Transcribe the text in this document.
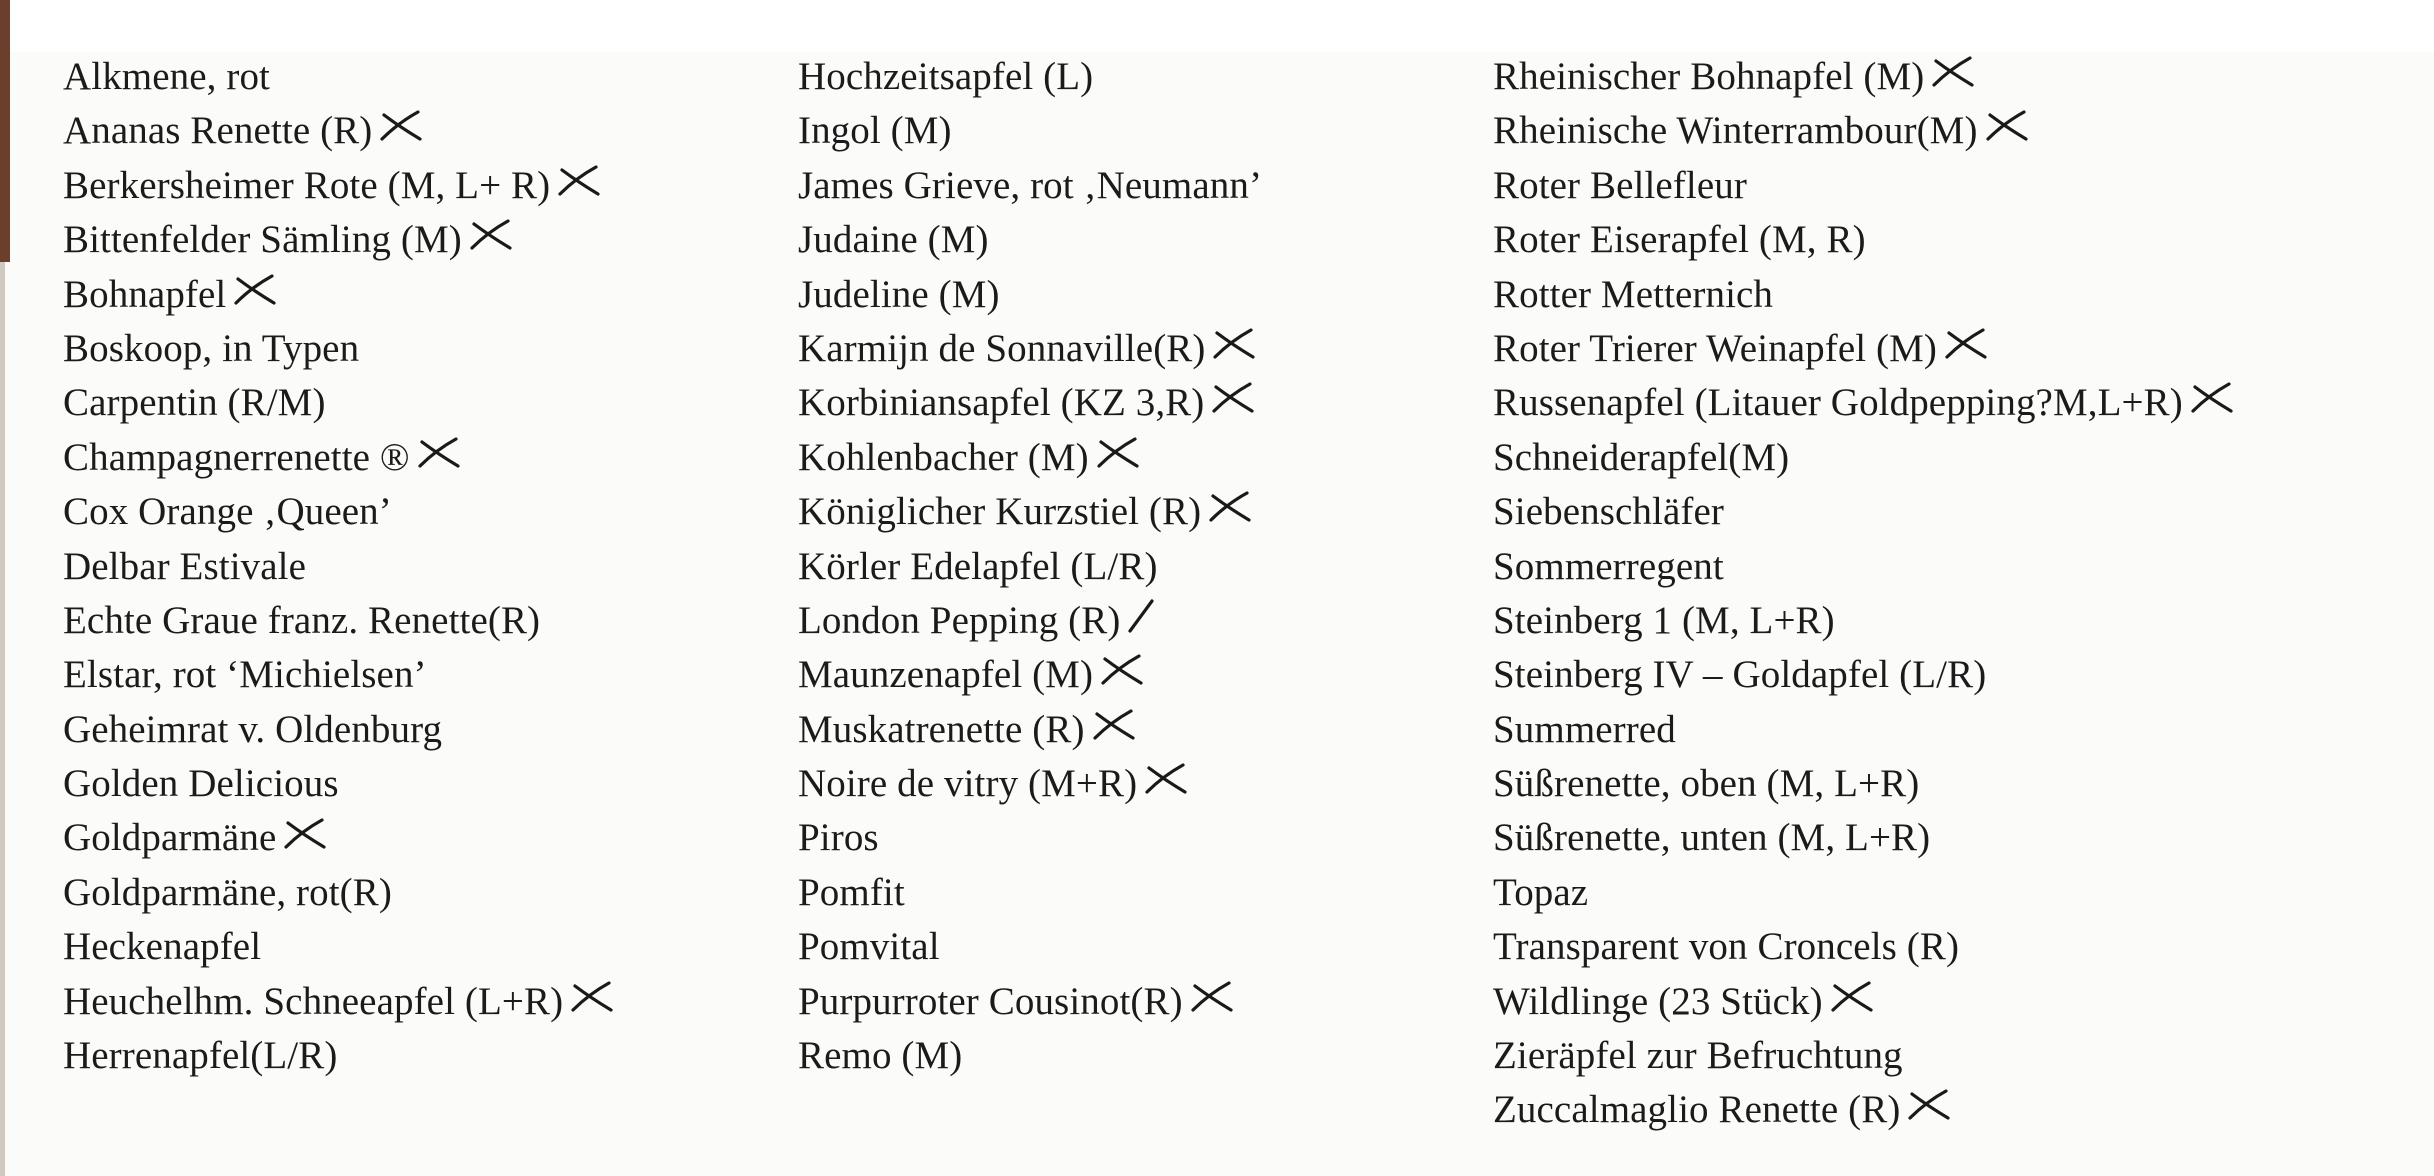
Alkmene, rot
Ananas Renette (R)
Berkersheimer Rote (M, L+ R)
Bittenfelder Sämling (M)
Bohnapfel
Boskoop, in Typen
Carpentin (R/M)
Champagnerrenette ®
Cox Orange ‚Queen’
Delbar Estivale
Echte Graue franz. Renette(R)
Elstar, rot ‘Michielsen’
Geheimrat v. Oldenburg
Golden Delicious
Goldparmäne
Goldparmäne, rot(R)
Heckenapfel
Heuchelhm. Schneeapfel (L+R)
Herrenapfel(L/R)
Hochzeitsapfel (L)
Ingol (M)
James Grieve, rot ‚Neumann’
Judaine (M)
Judeline (M)
Karmijn de Sonnaville(R)
Korbiniansapfel (KZ 3,R)
Kohlenbacher (M)
Königlicher Kurzstiel (R)
Körler Edelapfel (L/R)
London Pepping (R)
Maunzenapfel (M)
Muskatrenette (R)
Noire de vitry (M+R)
Piros
Pomfit
Pomvital
Purpurroter Cousinot(R)
Remo (M)
Rheinischer Bohnapfel (M)
Rheinische Winterrambour(M)
Roter Bellefleur
Roter Eiserapfel (M, R)
Rotter Metternich
Roter Trierer Weinapfel (M)
Russenapfel (Litauer Goldpepping?M,L+R)
Schneiderapfel(M)
Siebenschläfer
Sommerregent
Steinberg 1 (M, L+R)
Steinberg IV – Goldapfel (L/R)
Summerred
Süßrenette, oben (M, L+R)
Süßrenette, unten (M, L+R)
Topaz
Transparent von Croncels (R)
Wildlinge (23 Stück)
Zieräpfel zur Befruchtung
Zuccalmaglio Renette (R)
